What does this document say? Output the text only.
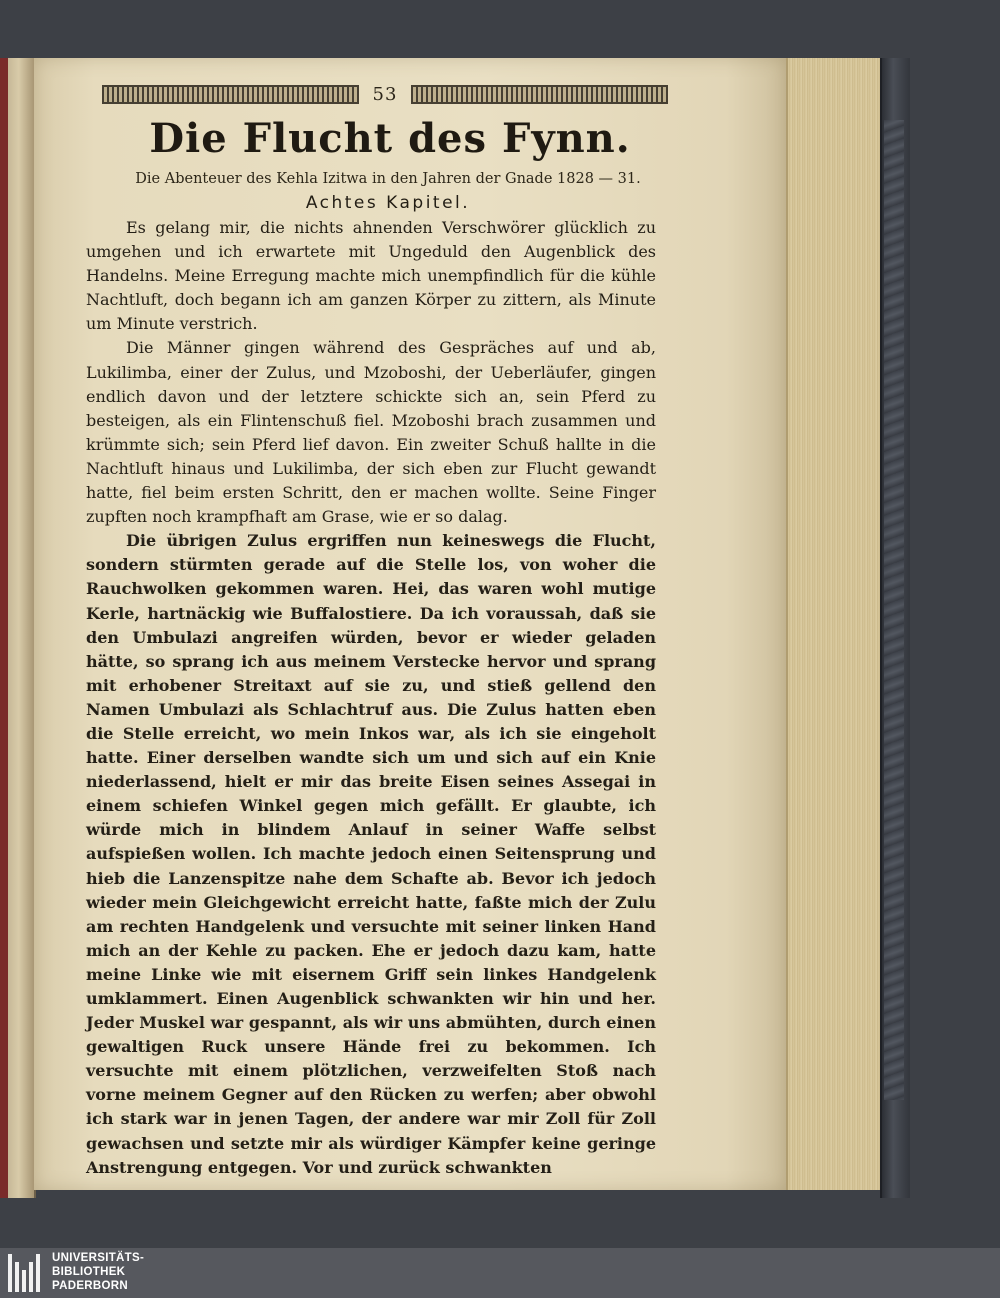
53
Die Flucht des Fynn.

Die Abenteuer des Kehla Izitwa in den Jahren der Gnade 1828 — 31.

Achtes Kapitel.

Es gelang mir, die nichts ahnenden Verschwörer glücklich zu umgehen und ich erwartete mit Ungeduld den Augenblick des Handelns. Meine Erregung machte mich unempfindlich für die kühle Nachtluft, doch begann ich am ganzen Körper zu zittern, als Minute um Minute verstrich.

Die Männer gingen während des Gespräches auf und ab, Lukilimba, einer der Zulus, und Mzoboshi, der Ueberläufer, gingen endlich davon und der letztere schickte sich an, sein Pferd zu besteigen, als ein Flintenschuß fiel. Mzoboshi brach zusammen und krümmte sich; sein Pferd lief davon. Ein zweiter Schuß hallte in die Nachtluft hinaus und Lukilimba, der sich eben zur Flucht gewandt hatte, fiel beim ersten Schritt, den er machen wollte. Seine Finger zupften noch krampfhaft am Grase, wie er so dalag.

Die übrigen Zulus ergriffen nun keineswegs die Flucht, sondern stürmten gerade auf die Stelle los, von woher die Rauchwolken gekommen waren. Hei, das waren wohl mutige Kerle, hartnäckig wie Buffalostiere. Da ich voraussah, daß sie den Umbulazi angreifen würden, bevor er wieder geladen hätte, so sprang ich aus meinem Verstecke hervor und sprang mit erhobener Streitaxt auf sie zu, und stieß gellend den Namen Umbulazi als Schlachtruf aus. Die Zulus hatten eben die Stelle erreicht, wo mein Inkos war, als ich sie eingeholt hatte. Einer derselben wandte sich um und sich auf ein Knie niederlassend, hielt er mir das breite Eisen seines Assegai in einem schiefen Winkel gegen mich gefällt. Er glaubte, ich würde mich in blindem Anlauf in seiner Waffe selbst aufspießen wollen. Ich machte jedoch einen Seitensprung und hieb die Lanzenspitze nahe dem Schafte ab. Bevor ich jedoch wieder mein Gleichgewicht erreicht hatte, faßte mich der Zulu am rechten Handgelenk und versuchte mit seiner linken Hand mich an der Kehle zu packen. Ehe er jedoch dazu kam, hatte meine Linke wie mit eisernem Griff sein linkes Handgelenk umklammert. Einen Augenblick schwankten wir hin und her. Jeder Muskel war gespannt, als wir uns abmühten, durch einen gewaltigen Ruck unsere Hände frei zu bekommen. Ich versuchte mit einem plötzlichen, verzweifelten Stoß nach vorne meinem Gegner auf den Rücken zu werfen; aber obwohl ich stark war in jenen Tagen, der andere war mir Zoll für Zoll gewachsen und setzte mir als würdiger Kämpfer keine geringe Anstrengung entgegen. Vor und zurück schwankten

UNIVERSITÄTS-
BIBLIOTHEK
PADERBORN
